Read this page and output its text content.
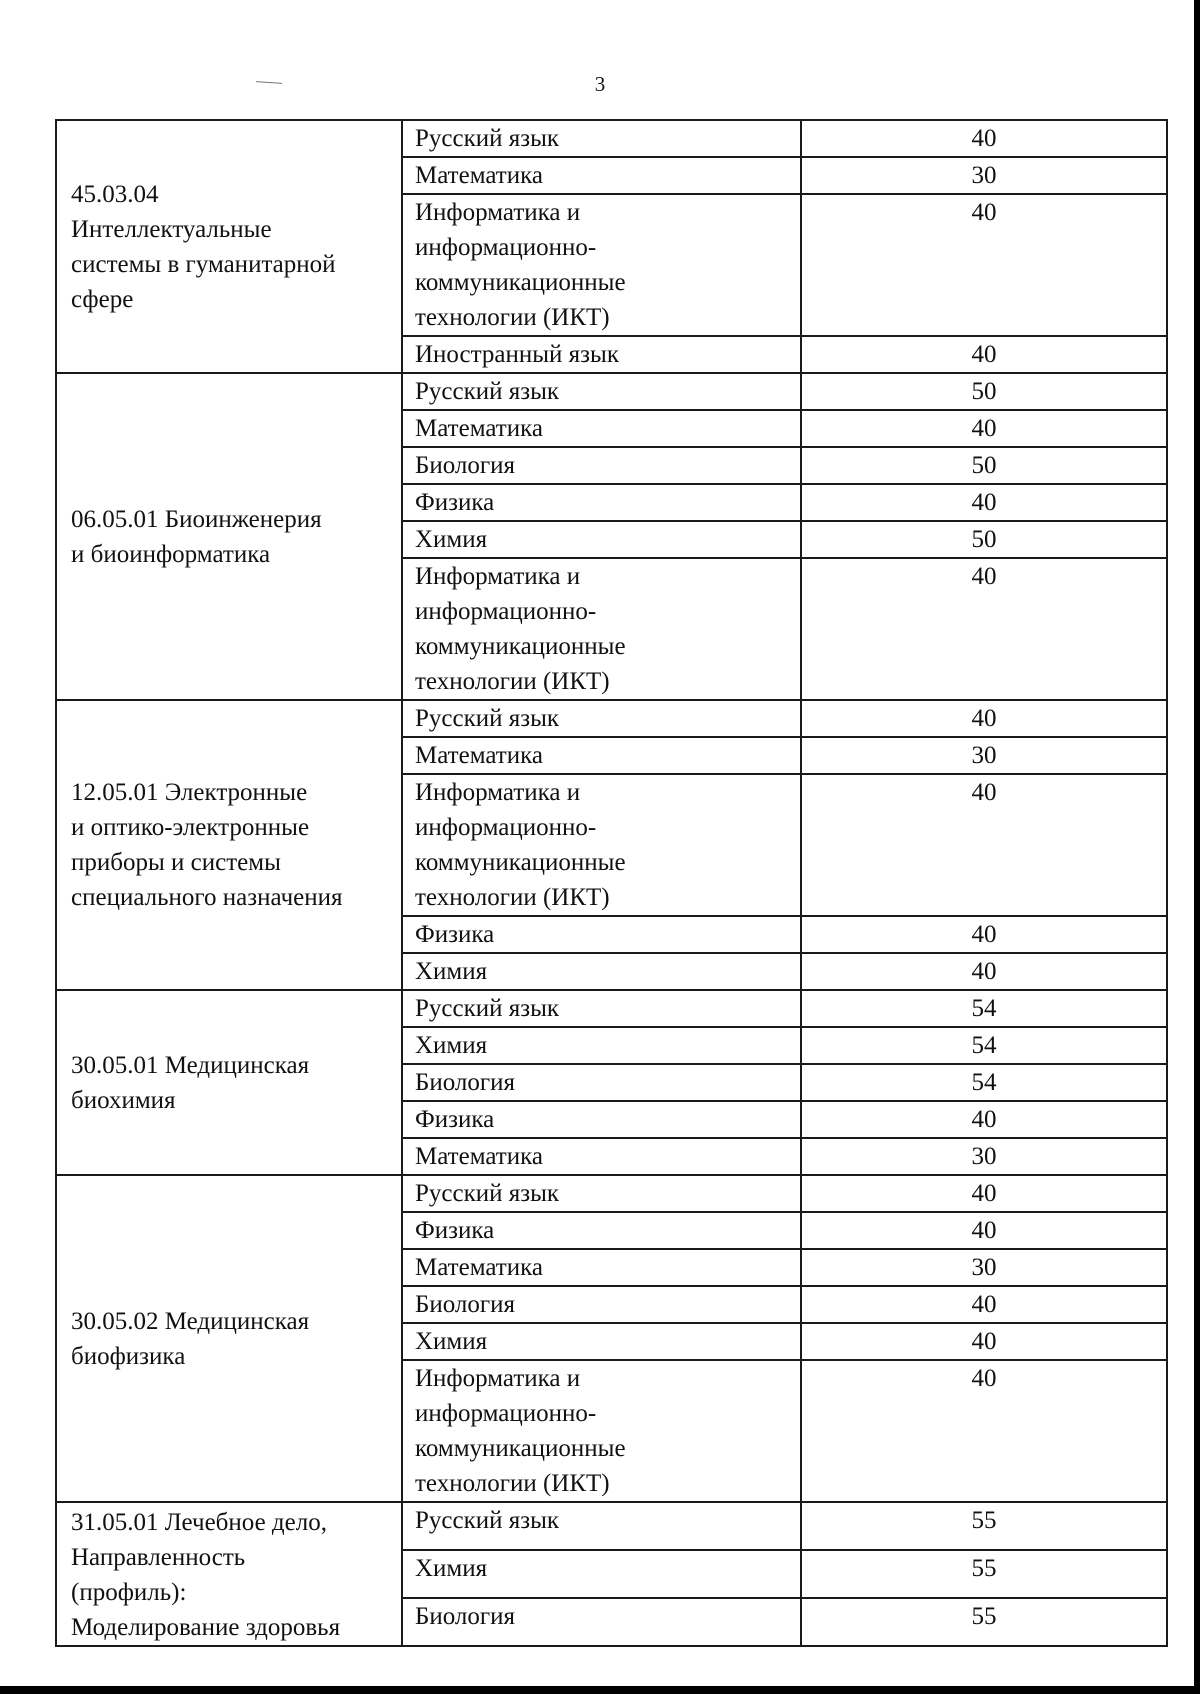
3
45.03.04
Интеллектуальные
системы в гуманитарной
сфере	Русский язык	40
	Математика	30
	Информатика и
информационно-
коммуникационные
технологии (ИКТ)	40
	Иностранный язык	40
06.05.01 Биоинженерия
и биоинформатика	Русский язык	50
	Математика	40
	Биология	50
	Физика	40
	Химия	50
	Информатика и
информационно-
коммуникационные
технологии (ИКТ)	40
12.05.01 Электронные
и оптико-электронные
приборы и системы
специального назначения	Русский язык	40
	Математика	30
	Информатика и
информационно-
коммуникационные
технологии (ИКТ)	40
	Физика	40
	Химия	40
30.05.01 Медицинская
биохимия	Русский язык	54
	Химия	54
	Биология	54
	Физика	40
	Математика	30
30.05.02 Медицинская
биофизика	Русский язык	40
	Физика	40
	Математика	30
	Биология	40
	Химия	40
	Информатика и
информационно-
коммуникационные
технологии (ИКТ)	40
31.05.01 Лечебное дело,
Направленность
(профиль):
Моделирование здоровья	Русский язык	55
	Химия	55
	Биология	55
